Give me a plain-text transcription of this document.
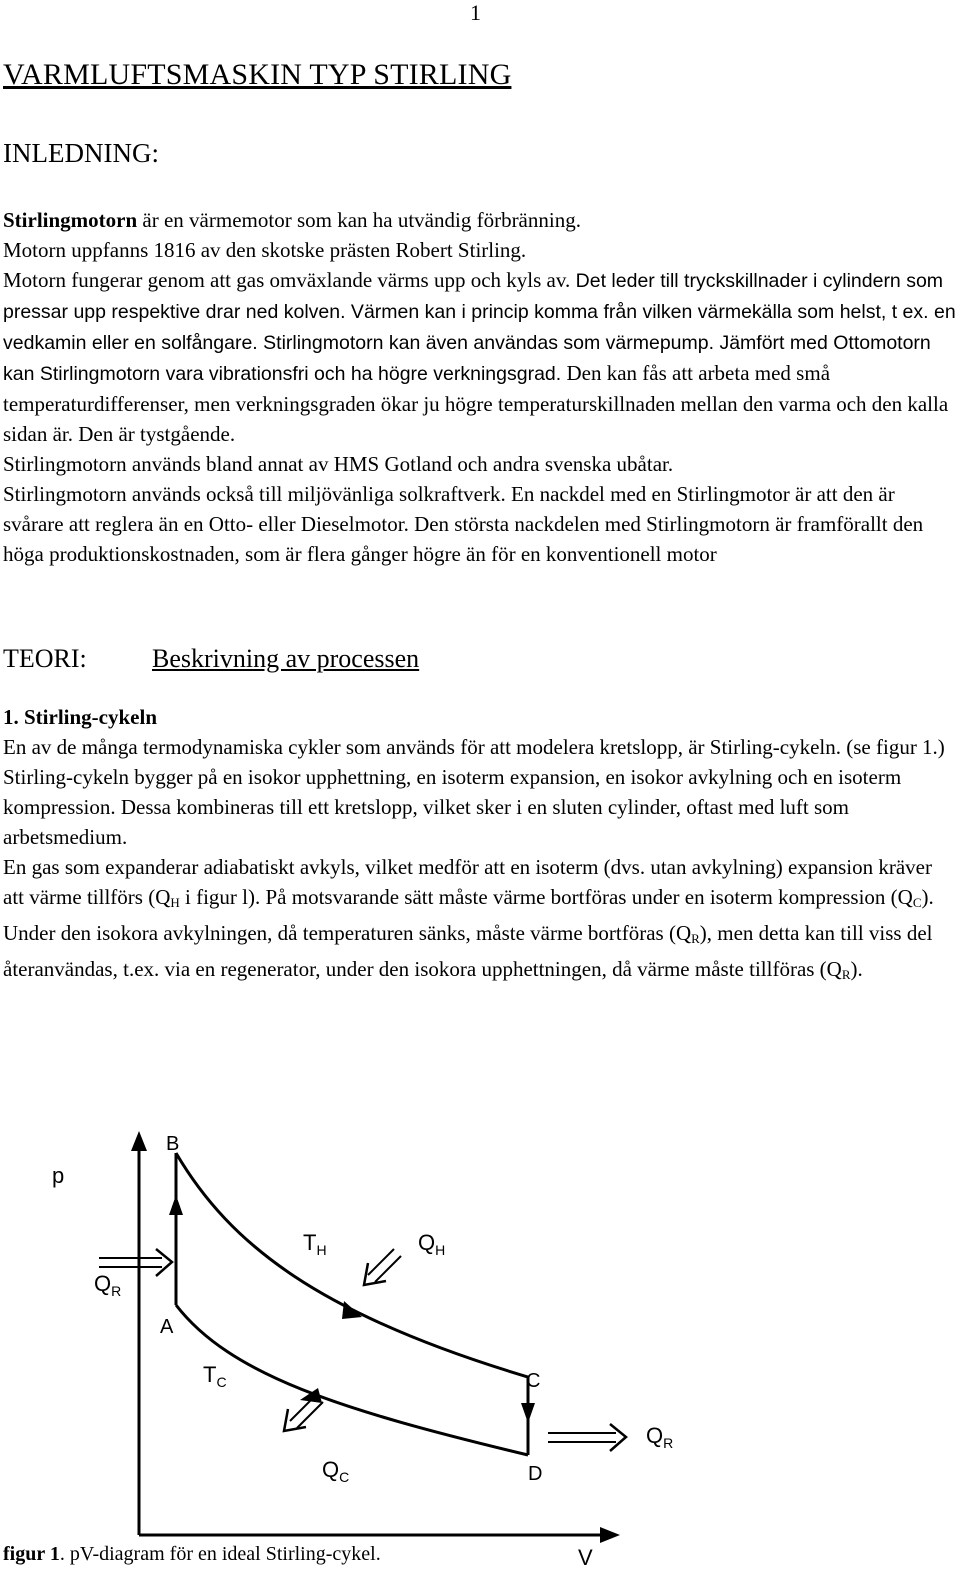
1
VARMLUFTSMASKIN TYP STIRLING
INLEDNING:

Stirlingmotorn är en värmemotor som kan ha utvändig förbränning.

Motorn uppfanns 1816 av den skotske prästen Robert Stirling.

Motorn fungerar genom att gas omväxlande värms upp och kyls av. Det leder till tryckskillnader i cylindern som pressar upp respektive drar ned kolven. Värmen kan i princip komma från vilken värmekälla som helst, t ex. en vedkamin eller en solfångare. Stirlingmotorn kan även användas som värmepump. Jämfört med Ottomotorn kan Stirlingmotorn vara vibrationsfri och ha högre verkningsgrad. Den kan fås att arbeta med små temperaturdifferenser, men verkningsgraden ökar ju högre temperaturskillnaden mellan den varma och den kalla sidan är. Den är tystgående.

Stirlingmotorn används bland annat av HMS Gotland och andra svenska ubåtar.

Stirlingmotorn används också till miljövänliga solkraftverk. En nackdel med en Stirlingmotor är att den är svårare att reglera än en Otto- eller Dieselmotor. Den största nackdelen med Stirlingmotorn är framförallt den höga produktionskostnaden, som är flera gånger högre än för en konventionell motor

TEORI:	Beskrivning av processen

1. Stirling-cykeln

En av de många termodynamiska cykler som används för att modelera kretslopp, är Stirling-cykeln. (se figur 1.)

Stirling-cykeln bygger på en isokor upphettning, en isoterm expansion, en isokor avkylning och en isoterm kompression. Dessa kombineras till ett kretslopp, vilket sker i en sluten cylinder, oftast med luft som arbetsmedium.

En gas som expanderar adiabatiskt avkyls, vilket medför att en isoterm (dvs. utan avkylning) expansion kräver att värme tillförs ($Q_H$ i figur l). På motsvarande sätt måste värme bortföras under en isoterm kompression $(Q_C)$.

Under den isokora avkylningen, då temperaturen sänks, måste värme bortföras $(Q_R)$, men detta kan till viss del återanvändas, t.ex. via en regenerator, under den isokora upphettningen, då värme måste tillföras $(Q_R)$.

p
V
B
A
C
D
$T_H$	$Q_H$
$Q_R$
$T_C$
$Q_R$
$Q_C$
figur 1. pV-diagram för en ideal Stirling-cykel.
